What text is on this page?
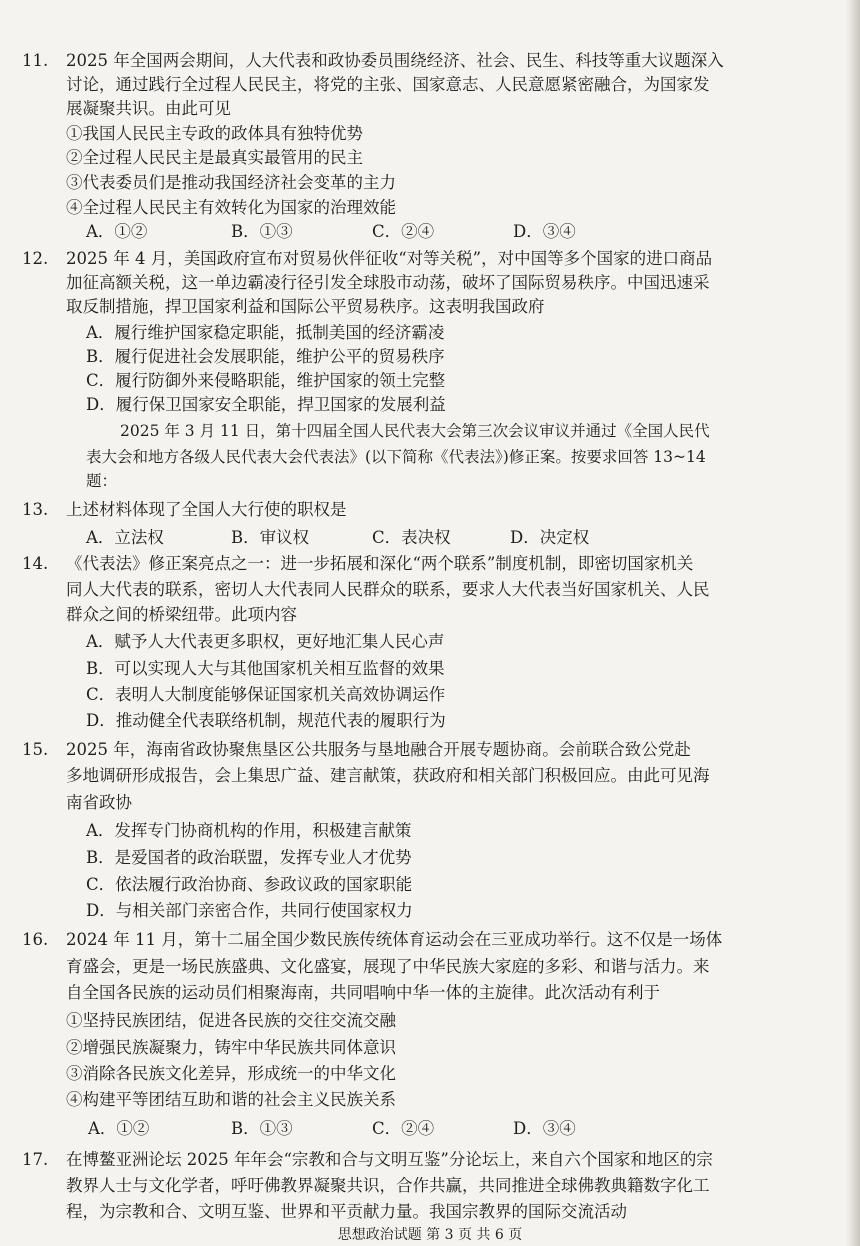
11. 2025 年全国两会期间，人大代表和政协委员围绕经济、社会、民生、科技等重大议题深入
讨论，通过践行全过程人民民主，将党的主张、国家意志、人民意愿紧密融合，为国家发
展凝聚共识。由此可见
①我国人民民主专政的政体具有独特优势
②全过程人民民主是最真实最管用的民主
③代表委员们是推动我国经济社会变革的主力
④全过程人民民主有效转化为国家的治理效能
A．①②	B．①③	C．②④	D．③④
12. 2025 年 4 月，美国政府宣布对贸易伙伴征收“对等关税”，对中国等多个国家的进口商品
加征高额关税，这一单边霸凌行径引发全球股市动荡，破坏了国际贸易秩序。中国迅速采
取反制措施，捍卫国家利益和国际公平贸易秩序。这表明我国政府
A．履行维护国家稳定职能，抵制美国的经济霸凌
B．履行促进社会发展职能，维护公平的贸易秩序
C．履行防御外来侵略职能，维护国家的领土完整
D．履行保卫国家安全职能，捍卫国家的发展利益
2025 年 3 月 11 日，第十四届全国人民代表大会第三次会议审议并通过《全国人民代
表大会和地方各级人民代表大会代表法》(以下简称《代表法》)修正案。按要求回答 13~14
题：
13. 上述材料体现了全国人大行使的职权是
A．立法权	B．审议权	C．表决权	D．决定权
14. 《代表法》修正案亮点之一：进一步拓展和深化“两个联系”制度机制，即密切国家机关
同人大代表的联系，密切人大代表同人民群众的联系，要求人大代表当好国家机关、人民
群众之间的桥梁纽带。此项内容
A．赋予人大代表更多职权，更好地汇集人民心声
B．可以实现人大与其他国家机关相互监督的效果
C．表明人大制度能够保证国家机关高效协调运作
D．推动健全代表联络机制，规范代表的履职行为
15. 2025 年，海南省政协聚焦垦区公共服务与垦地融合开展专题协商。会前联合致公党赴
多地调研形成报告，会上集思广益、建言献策，获政府和相关部门积极回应。由此可见海
南省政协
A．发挥专门协商机构的作用，积极建言献策
B．是爱国者的政治联盟，发挥专业人才优势
C．依法履行政治协商、参政议政的国家职能
D．与相关部门亲密合作，共同行使国家权力
16. 2024 年 11 月，第十二届全国少数民族传统体育运动会在三亚成功举行。这不仅是一场体
育盛会，更是一场民族盛典、文化盛宴，展现了中华民族大家庭的多彩、和谐与活力。来
自全国各民族的运动员们相聚海南，共同唱响中华一体的主旋律。此次活动有利于
①坚持民族团结，促进各民族的交往交流交融
②增强民族凝聚力，铸牢中华民族共同体意识
③消除各民族文化差异，形成统一的中华文化
④构建平等团结互助和谐的社会主义民族关系
A．①②	B．①③	C．②④	D．③④
17. 在博鳌亚洲论坛 2025 年年会“宗教和合与文明互鉴”分论坛上，来自六个国家和地区的宗
教界人士与文化学者，呼吁佛教界凝聚共识，合作共赢，共同推进全球佛教典籍数字化工
程，为宗教和合、文明互鉴、世界和平贡献力量。我国宗教界的国际交流活动
思想政治试题 第 3 页 共 6 页
